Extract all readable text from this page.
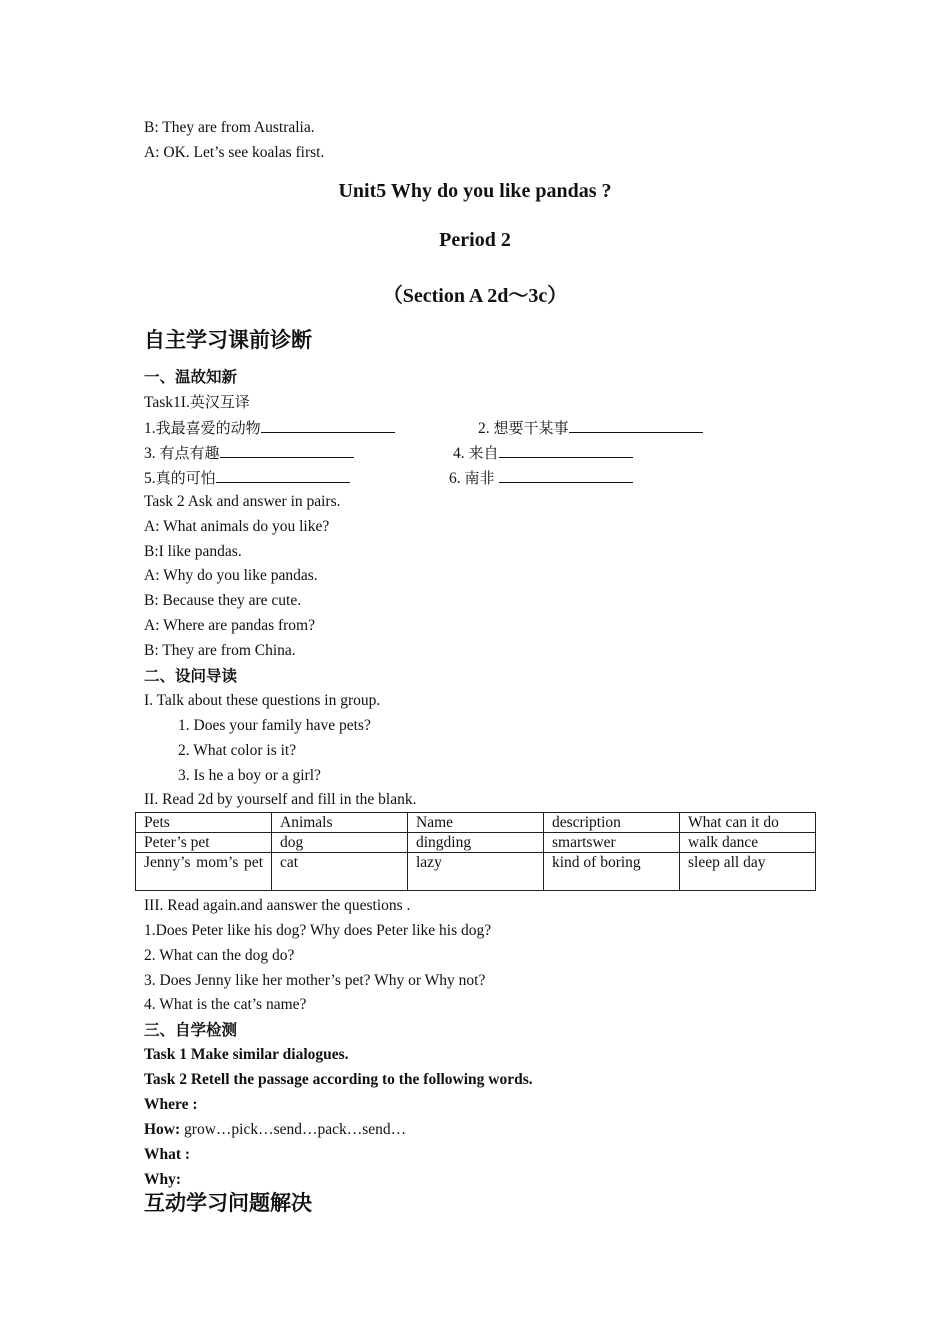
B: They are from Australia.
A: OK. Let’s see koalas first.
Unit5 Why do you like pandas ?
Period 2
（Section A 2d～3c）
自主学习课前诊断
一、温故知新
Task1I.英汉互译
1.我最喜爱的动物	2. 想要干某事
3. 有点有趣	4. 来自
5.真的可怕	6. 南非
Task 2 Ask and answer in pairs.
A: What animals do you like?
B:I like pandas.
A: Why do you like pandas.
B: Because they are cute.
A: Where are pandas from?
B: They are from China.
二、设问导读
I. Talk about these questions in group.
1. Does your family have pets?
2. What color is it?
3. Is he a boy or a girl?
II. Read 2d by yourself and fill in the blank.
Pets	Animals	Name	description	What can it do
Peter’s pet	dog	dingding	smartswer	walk dance
Jenny’s mom’s pet	cat	lazy	kind of boring	sleep all day
III. Read again.and aanswer the questions .
1.Does Peter like his dog? Why does Peter like his dog?
2. What can the dog do?
3. Does Jenny like her mother’s pet? Why or Why not?
4. What is the cat’s name?
三、自学检测
Task 1 Make similar dialogues.
Task 2 Retell the passage according to the following words.
Where :
How: grow…pick…send…pack…send…
What :
Why:
互动学习问题解决
